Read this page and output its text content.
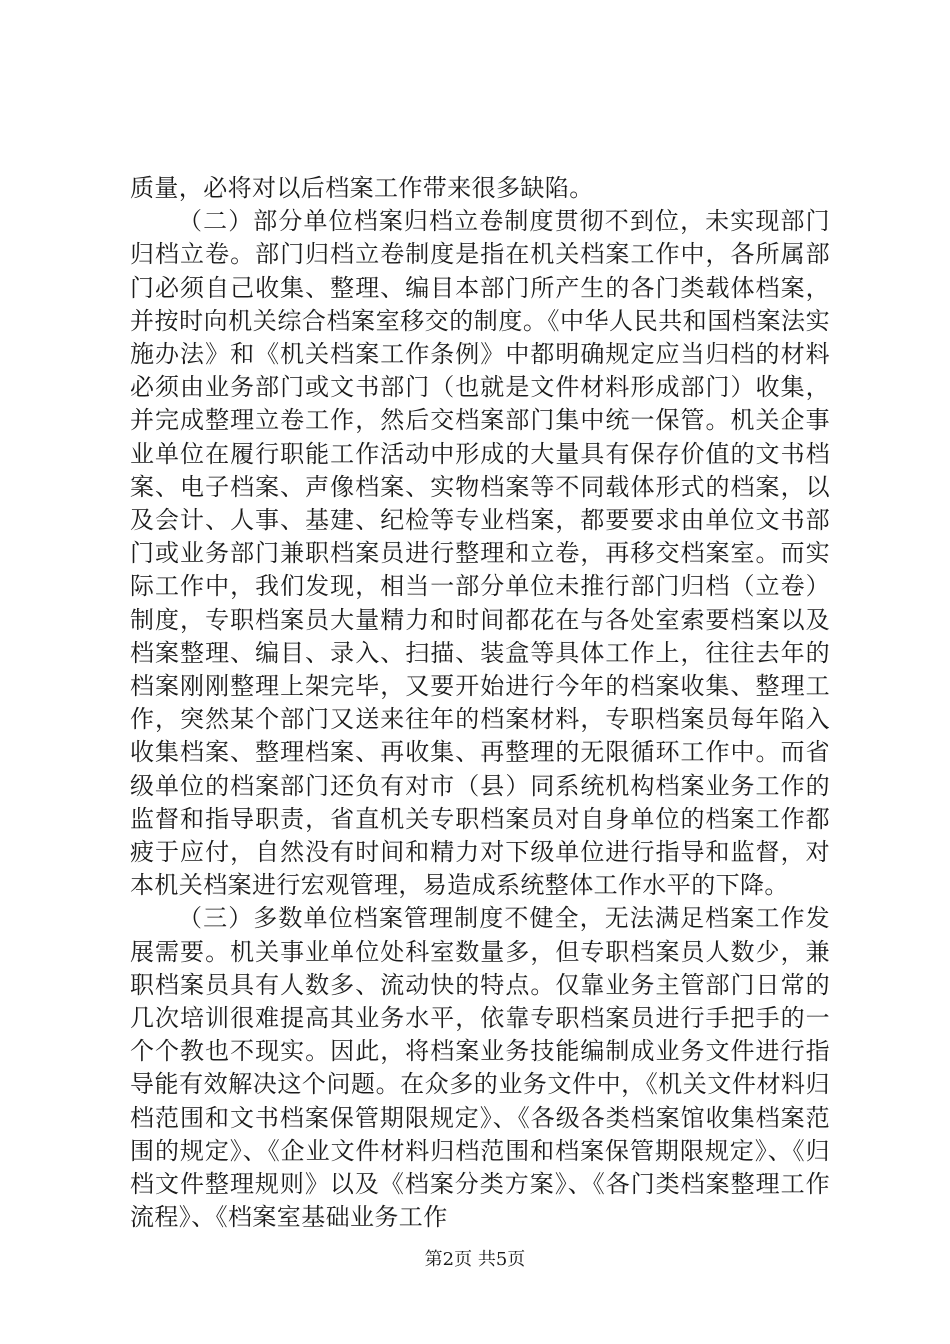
质量，必将对以后档案工作带来很多缺陷。

（二）部分单位档案归档立卷制度贯彻不到位，未实现部门归档立卷。部门归档立卷制度是指在机关档案工作中，各所属部门必须自己收集、整理、编目本部门所产生的各门类载体档案，并按时向机关综合档案室移交的制度。《中华人民共和国档案法实施办法》和《机关档案工作条例》中都明确规定应当归档的材料必须由业务部门或文书部门（也就是文件材料形成部门）收集，并完成整理立卷工作，然后交档案部门集中统一保管。机关企事业单位在履行职能工作活动中形成的大量具有保存价值的文书档案、电子档案、声像档案、实物档案等不同载体形式的档案，以及会计、人事、基建、纪检等专业档案，都要要求由单位文书部门或业务部门兼职档案员进行整理和立卷，再移交档案室。而实际工作中，我们发现，相当一部分单位未推行部门归档（立卷）制度，专职档案员大量精力和时间都花在与各处室索要档案以及档案整理、编目、录入、扫描、装盒等具体工作上，往往去年的档案刚刚整理上架完毕，又要开始进行今年的档案收集、整理工作，突然某个部门又送来往年的档案材料，专职档案员每年陷入收集档案、整理档案、再收集、再整理的无限循环工作中。而省级单位的档案部门还负有对市（县）同系统机构档案业务工作的监督和指导职责，省直机关专职档案员对自身单位的档案工作都疲于应付，自然没有时间和精力对下级单位进行指导和监督，对本机关档案进行宏观管理，易造成系统整体工作水平的下降。

（三）多数单位档案管理制度不健全，无法满足档案工作发展需要。机关事业单位处科室数量多，但专职档案员人数少，兼职档案员具有人数多、流动快的特点。仅靠业务主管部门日常的几次培训很难提高其业务水平，依靠专职档案员进行手把手的一个个教也不现实。因此，将档案业务技能编制成业务文件进行指导能有效解决这个问题。在众多的业务文件中，《机关文件材料归档范围和文书档案保管期限规定》、《各级各类档案馆收集档案范围的规定》、《企业文件材料归档范围和档案保管期限规定》、《归档文件整理规则》以及《档案分类方案》、《各门类档案整理工作流程》、《档案室基础业务工作

第2页 共5页
